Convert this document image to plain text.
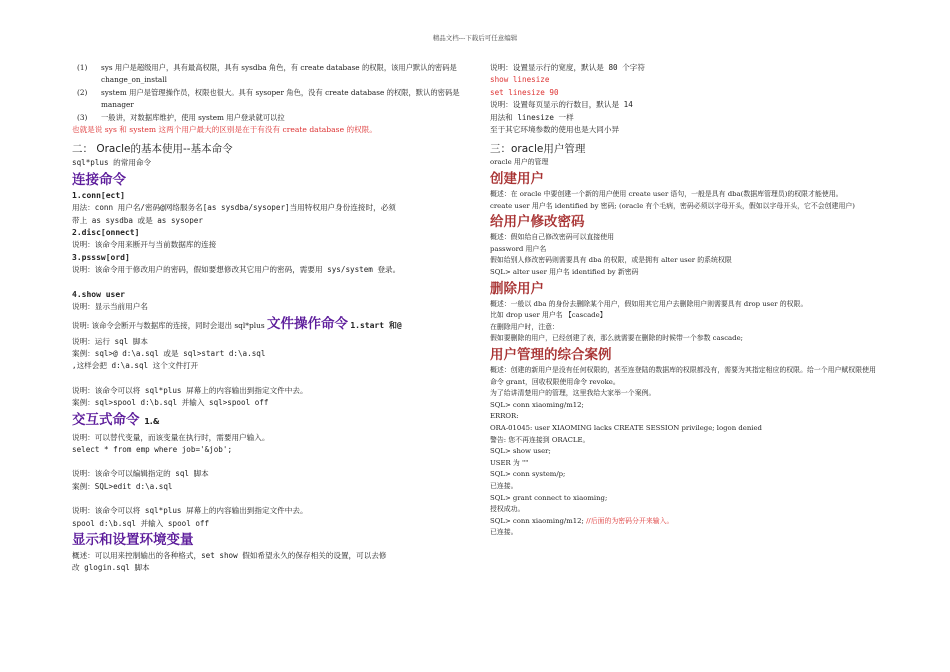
精品文档---下载后可任意编辑
(1)	sys 用户是超级用户，具有最高权限，具有 sysdba 角色，有 create database 的权限，该用户默认的密码是 change_on_install
(2)	system 用户是管理操作员，权限也很大。具有 sysoper 角色，没有 create database 的权限，默认的密码是 manager
(3)	一般讲，对数据库维护，使用 system 用户登录就可以拉
也就是说 sys 和 system 这两个用户最大的区别是在于有没有 create database 的权限。
二： Oracle的基本使用--基本命令
sql*plus 的常用命令
连接命令
1.conn[ect]
用法：conn 用户名/密码@网络服务名[as sysdba/sysoper]当用特权用户身份连接时，必须
带上 as sysdba 或是 as sysoper
2.disc[onnect]
说明：该命令用来断开与当前数据库的连接
3.psssw[ord]
说明：该命令用于修改用户的密码，假如要想修改其它用户的密码，需要用 sys/system 登录。
4.show user
说明：显示当前用户名
说明: 该命令会断开与数据库的连接，同时会退出 sql*plus 文件操作命令 1.start 和@
说明：运行 sql 脚本
案例：sql>@ d:\a.sql 或是 sql>start d:\a.sql
,这样会把 d:\a.sql 这个文件打开
说明：该命令可以将 sql*plus 屏幕上的内容输出到指定文件中去。
案例：sql>spool d:\b.sql 并输入 sql>spool off
交互式命令 1.&
说明：可以替代变量，而该变量在执行时，需要用户输入。
select * from emp where job='&job';
说明：该命令可以编辑指定的 sql 脚本
案例：SQL>edit d:\a.sql
说明：该命令可以将 sql*plus 屏幕上的内容输出到指定文件中去。
spool d:\b.sql 并输入 spool off
显示和设置环境变量
概述：可以用来控制输出的各种格式，set show 假如希望永久的保存相关的设置，可以去修
改 glogin.sql 脚本
说明：设置显示行的宽度，默认是 80 个字符
show linesize
set linesize 90
说明：设置每页显示的行数目，默认是 14
用法和 linesize 一样
至于其它环境参数的使用也是大同小异
三：oracle用户管理
oracle 用户的管理
创建用户
概述：在 oracle 中要创建一个新的用户使用 create user 语句，一般是具有 dba(数据库管理员)的权限才能使用。
create user 用户名 identified by 密码; (oracle 有个毛病，密码必须以字母开头，假如以字母开头，它不会创建用户)
给用户修改密码
概述：假如给自己修改密码可以直接使用
password 用户名
假如给别人修改密码则需要具有 dba 的权限，或是拥有 alter user 的系统权限
SQL> alter user 用户名 identified by 新密码
删除用户
概述：一般以 dba 的身份去删除某个用户，假如用其它用户去删除用户则需要具有 drop user 的权限。
比如 drop user 用户名 【cascade】
在删除用户时，注意：
假如要删除的用户，已经创建了表，那么就需要在删除的时候带一个参数 cascade;
用户管理的综合案例
概述：创建的新用户是没有任何权限的，甚至连登陆的数据库的权限都没有，需要为其指定相应的权限。给一个用户赋权限使用命令 grant，回收权限使用命令 revoke。
为了给讲清楚用户的管理，这里我给大家举一个案例。
SQL> conn xiaoming/m12;
ERROR:
ORA-01045: user XIAOMING lacks CREATE SESSION privilege; logon denied
警告: 您不再连接到 ORACLE。
SQL> show user;
USER 为 ""
SQL> conn system/p;
已连接。
SQL> grant connect to xiaoming;
授权成功。
SQL> conn xiaoming/m12; //后面的为密码分开来输入。
已连接。
